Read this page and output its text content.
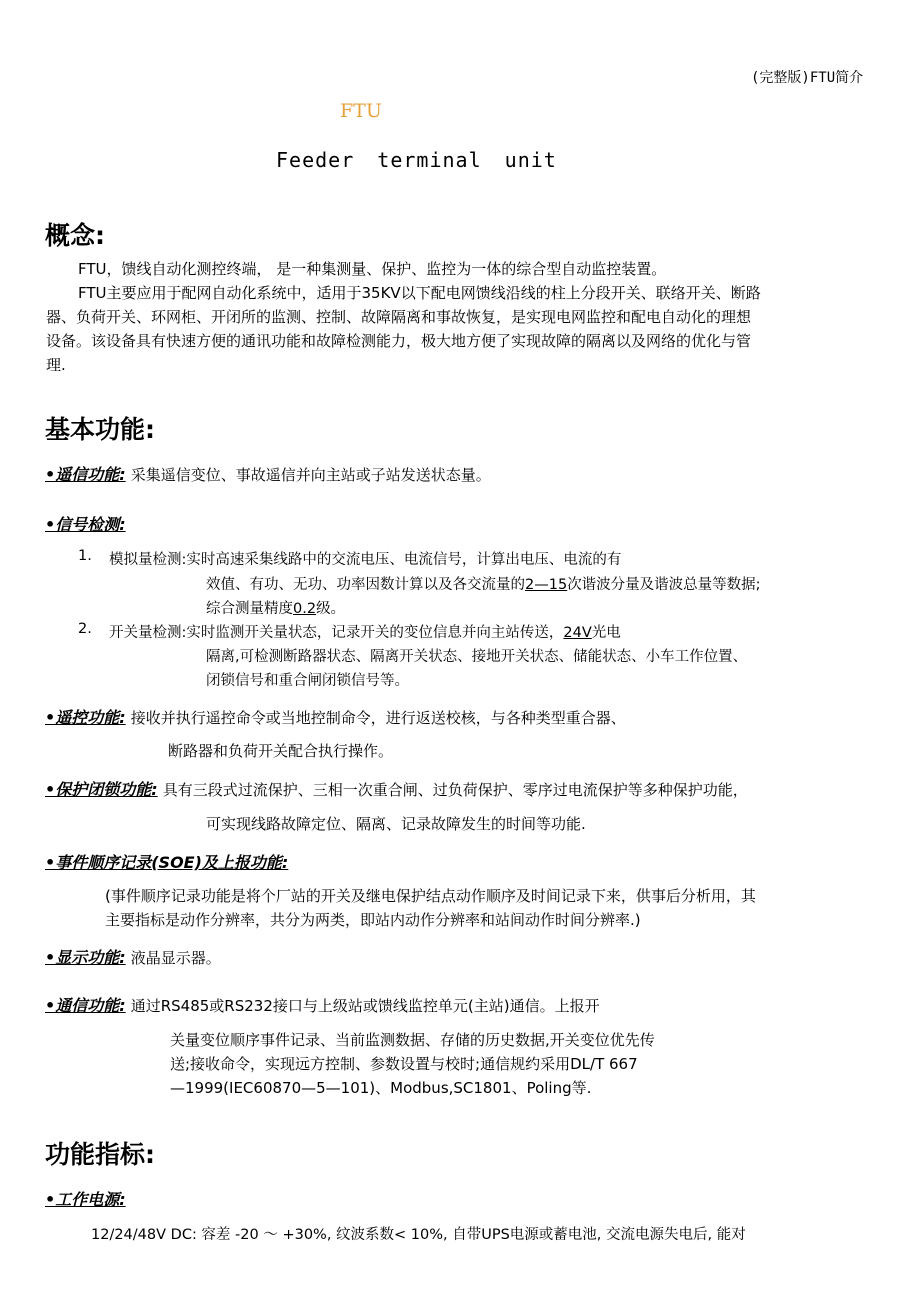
(完整版)FTU简介
FTU
Feeder terminal unit
概念:
FTU，馈线自动化测控终端， 是一种集测量、保护、监控为一体的综合型自动监控装置。
FTU主要应用于配网自动化系统中，适用于35KV以下配电网馈线沿线的柱上分段开关、联络开关、断路
器、负荷开关、环网柜、开闭所的监测、控制、故障隔离和事故恢复，是实现电网监控和配电自动化的理想
设备。该设备具有快速方便的通讯功能和故障检测能力，极大地方便了实现故障的隔离以及网络的优化与管
理.
基本功能:
•遥信功能: 采集遥信变位、事故遥信并向主站或子站发送状态量。
•信号检测:
1. 模拟量检测:实时高速采集线路中的交流电压、电流信号，计算出电压、电流的有
效值、有功、无功、功率因数计算以及各交流量的2—15次谐波分量及谐波总量等数据;
综合测量精度0.2级。
2. 开关量检测:实时监测开关量状态，记录开关的变位信息并向主站传送，24V光电
隔离,可检测断路器状态、隔离开关状态、接地开关状态、储能状态、小车工作位置、
闭锁信号和重合闸闭锁信号等。
•遥控功能: 接收并执行遥控命令或当地控制命令，进行返送校核，与各种类型重合器、
断路器和负荷开关配合执行操作。
•保护闭锁功能: 具有三段式过流保护、三相一次重合闸、过负荷保护、零序过电流保护等多种保护功能，
可实现线路故障定位、隔离、记录故障发生的时间等功能.
•事件顺序记录(SOE)及上报功能:
(事件顺序记录功能是将个厂站的开关及继电保护结点动作顺序及时间记录下来，供事后分析用，其
主要指标是动作分辨率，共分为两类，即站内动作分辨率和站间动作时间分辨率.)
•显示功能: 液晶显示器。
•通信功能: 通过RS485或RS232接口与上级站或馈线监控单元(主站)通信。上报开
关量变位顺序事件记录、当前监测数据、存储的历史数据,开关变位优先传
送;接收命令，实现远方控制、参数设置与校时;通信规约采用DL/T 667
—1999(IEC60870—5—101)、Modbus,SC1801、Poling等.
功能指标:
•工作电源:
12/24/48V DC: 容差 -20 ～ +30%, 纹波系数< 10%, 自带UPS电源或蓄电池, 交流电源失电后, 能对
